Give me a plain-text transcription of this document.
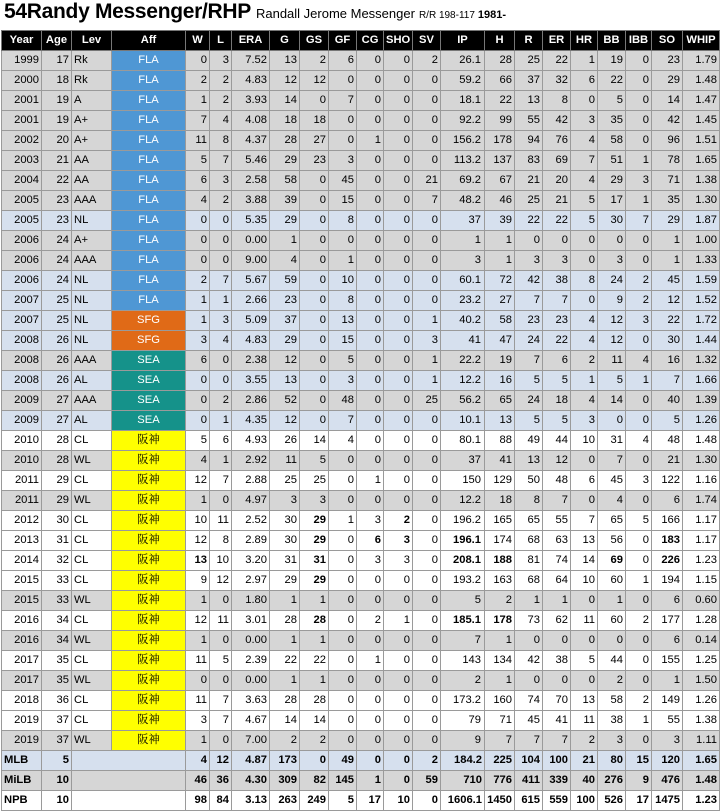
54 Randy Messenger/RHP Randall Jerome Messenger R/R 198-117 1981-
Year	Age	Lev	Aff	W	L	ERA	G	GS	GF	CG	SHO	SV	IP	H	R	ER	HR	BB	IBB	SO	WHIP
1999	17	Rk	FLA	0	3	7.52	13	2	6	0	0	2	26.1	28	25	22	1	19	0	23	1.79
2000	18	Rk	FLA	2	2	4.83	12	12	0	0	0	0	59.2	66	37	32	6	22	0	29	1.48
2001	19	A	FLA	1	2	3.93	14	0	7	0	0	0	18.1	22	13	8	0	5	0	14	1.47
2001	19	A+	FLA	7	4	4.08	18	18	0	0	0	0	92.2	99	55	42	3	35	0	42	1.45
2002	20	A+	FLA	11	8	4.37	28	27	0	1	0	0	156.2	178	94	76	4	58	0	96	1.51
2003	21	AA	FLA	5	7	5.46	29	23	3	0	0	0	113.2	137	83	69	7	51	1	78	1.65
2004	22	AA	FLA	6	3	2.58	58	0	45	0	0	21	69.2	67	21	20	4	29	3	71	1.38
2005	23	AAA	FLA	4	2	3.88	39	0	15	0	0	7	48.2	46	25	21	5	17	1	35	1.30
2005	23	NL	FLA	0	0	5.35	29	0	8	0	0	0	37	39	22	22	5	30	7	29	1.87
2006	24	A+	FLA	0	0	0.00	1	0	0	0	0	0	1	1	0	0	0	0	0	1	1.00
2006	24	AAA	FLA	0	0	9.00	4	0	1	0	0	0	3	1	3	3	0	3	0	1	1.33
2006	24	NL	FLA	2	7	5.67	59	0	10	0	0	0	60.1	72	42	38	8	24	2	45	1.59
2007	25	NL	FLA	1	1	2.66	23	0	8	0	0	0	23.2	27	7	7	0	9	2	12	1.52
2007	25	NL	SFG	1	3	5.09	37	0	13	0	0	1	40.2	58	23	23	4	12	3	22	1.72
2008	26	NL	SFG	3	4	4.83	29	0	15	0	0	3	41	47	24	22	4	12	0	30	1.44
2008	26	AAA	SEA	6	0	2.38	12	0	5	0	0	1	22.2	19	7	6	2	11	4	16	1.32
2008	26	AL	SEA	0	0	3.55	13	0	3	0	0	1	12.2	16	5	5	1	5	1	7	1.66
2009	27	AAA	SEA	0	2	2.86	52	0	48	0	0	25	56.2	65	24	18	4	14	0	40	1.39
2009	27	AL	SEA	0	1	4.35	12	0	7	0	0	0	10.1	13	5	5	3	0	0	5	1.26
2010	28	CL	阪神	5	6	4.93	26	14	4	0	0	0	80.1	88	49	44	10	31	4	48	1.48
2010	28	WL	阪神	4	1	2.92	11	5	0	0	0	0	37	41	13	12	0	7	0	21	1.30
2011	29	CL	阪神	12	7	2.88	25	25	0	1	0	0	150	129	50	48	6	45	3	122	1.16
2011	29	WL	阪神	1	0	4.97	3	3	0	0	0	0	12.2	18	8	7	0	4	0	6	1.74
2012	30	CL	阪神	10	11	2.52	30	29	1	3	2	0	196.2	165	65	55	7	65	5	166	1.17
2013	31	CL	阪神	12	8	2.89	30	29	0	6	3	0	196.1	174	68	63	13	56	0	183	1.17
2014	32	CL	阪神	13	10	3.20	31	31	0	3	3	0	208.1	188	81	74	14	69	0	226	1.23
2015	33	CL	阪神	9	12	2.97	29	29	0	0	0	0	193.2	163	68	64	10	60	1	194	1.15
2015	33	WL	阪神	1	0	1.80	1	1	0	0	0	0	5	2	1	1	0	1	0	6	0.60
2016	34	CL	阪神	12	11	3.01	28	28	0	2	1	0	185.1	178	73	62	11	60	2	177	1.28
2016	34	WL	阪神	1	0	0.00	1	1	0	0	0	0	7	1	0	0	0	0	0	6	0.14
2017	35	CL	阪神	11	5	2.39	22	22	0	1	0	0	143	134	42	38	5	44	0	155	1.25
2017	35	WL	阪神	0	0	0.00	1	1	0	0	0	0	2	1	0	0	0	2	0	1	1.50
2018	36	CL	阪神	11	7	3.63	28	28	0	0	0	0	173.2	160	74	70	13	58	2	149	1.26
2019	37	CL	阪神	3	7	4.67	14	14	0	0	0	0	79	71	45	41	11	38	1	55	1.38
2019	37	WL	阪神	1	0	7.00	2	2	0	0	0	0	9	7	7	7	2	3	0	3	1.11
MLB	5			4	12	4.87	173	0	49	0	0	2	184.2	225	104	100	21	80	15	120	1.65
MiLB	10			46	36	4.30	309	82	145	1	0	59	710	776	411	339	40	276	9	476	1.48
NPB	10			98	84	3.13	263	249	5	17	10	0	1606.1	1450	615	559	100	526	17	1475	1.23
